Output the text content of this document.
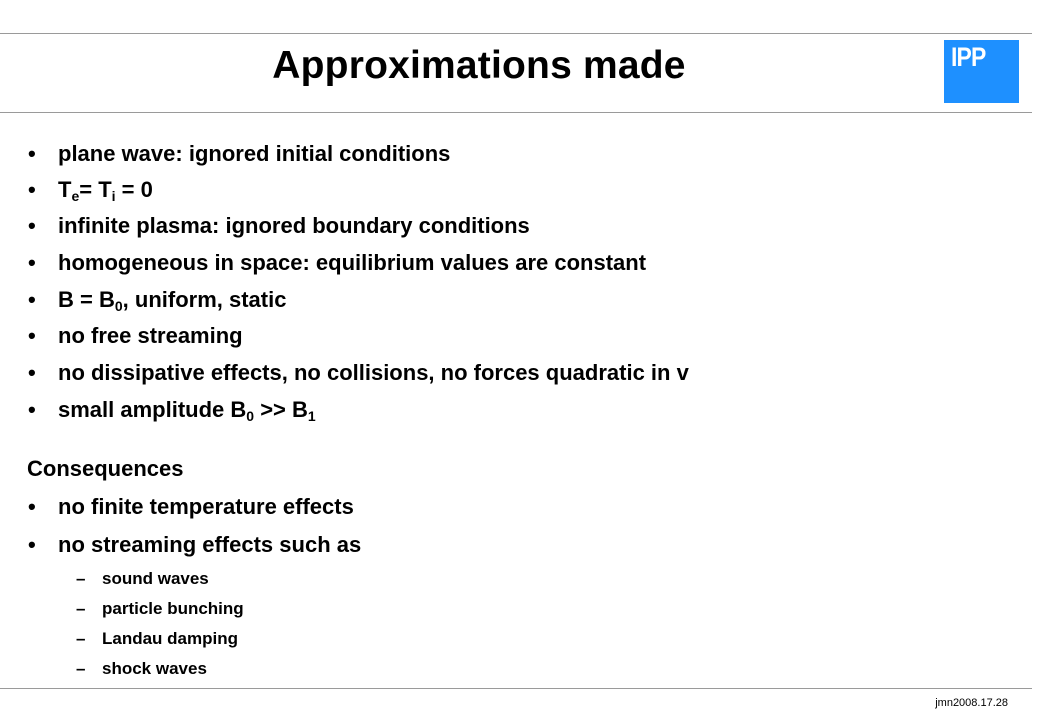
Approximations made	IPP
• plane wave: ignored initial conditions
• $T_e= T_i = 0$
• infinite plasma: ignored boundary conditions
• homogeneous in space: equilibrium values are constant
• $B = B_0$, uniform, static
• no free streaming
• no dissipative effects, no collisions, no forces quadratic in v
• small amplitude $B_0 >> B_1$
Consequences
• no finite temperature effects
• no streaming effects such as
– sound waves
– particle bunching
– Landau damping
– shock waves
jmn2008.17.28
